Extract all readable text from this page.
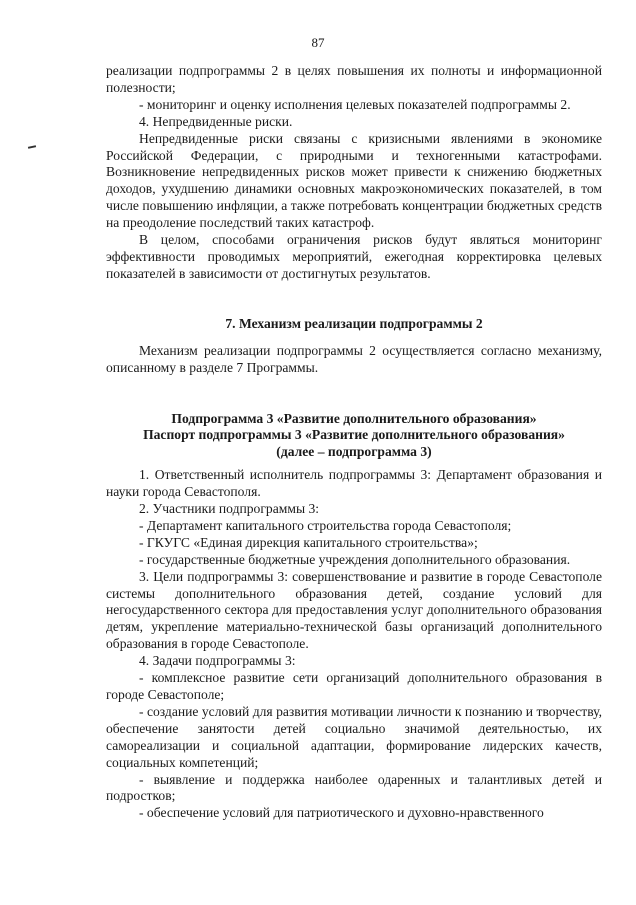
87

реализации подпрограммы 2 в целях повышения их полноты и информационной полезности;

- мониторинг и оценку исполнения целевых показателей подпрограммы 2.

4. Непредвиденные риски.

Непредвиденные риски связаны с кризисными явлениями в экономике Российской Федерации, с природными и техногенными катастрофами. Возникновение непредвиденных рисков может привести к снижению бюджетных доходов, ухудшению динамики основных макроэкономических показателей, в том числе повышению инфляции, а также потребовать концентрации бюджетных средств на преодоление последствий таких катастроф.

В целом, способами ограничения рисков будут являться мониторинг эффективности проводимых мероприятий, ежегодная корректировка целевых показателей в зависимости от достигнутых результатов.

7. Механизм реализации подпрограммы 2

Механизм реализации подпрограммы 2 осуществляется согласно механизму, описанному в разделе 7 Программы.

Подпрограмма 3 «Развитие дополнительного образования»

Паспорт подпрограммы 3 «Развитие дополнительного образования»

(далее – подпрограмма 3)

1. Ответственный исполнитель подпрограммы 3: Департамент образования и науки города Севастополя.

2. Участники подпрограммы 3:

- Департамент капитального строительства города Севастополя;

- ГКУГС «Единая дирекция капитального строительства»;

- государственные бюджетные учреждения дополнительного образования.

3. Цели подпрограммы 3: совершенствование и развитие в городе Севастополе системы дополнительного образования детей, создание условий для негосударственного сектора для предоставления услуг дополнительного образования детям, укрепление материально-технической базы организаций дополнительного образования в городе Севастополе.

4. Задачи подпрограммы 3:

- комплексное развитие сети организаций дополнительного образования в городе Севастополе;

- создание условий для развития мотивации личности к познанию и творчеству, обеспечение занятости детей социально значимой деятельностью, их самореализации и социальной адаптации, формирование лидерских качеств, социальных компетенций;

- выявление и поддержка наиболее одаренных и талантливых детей и подростков;

- обеспечение условий для патриотического и духовно-нравственного
